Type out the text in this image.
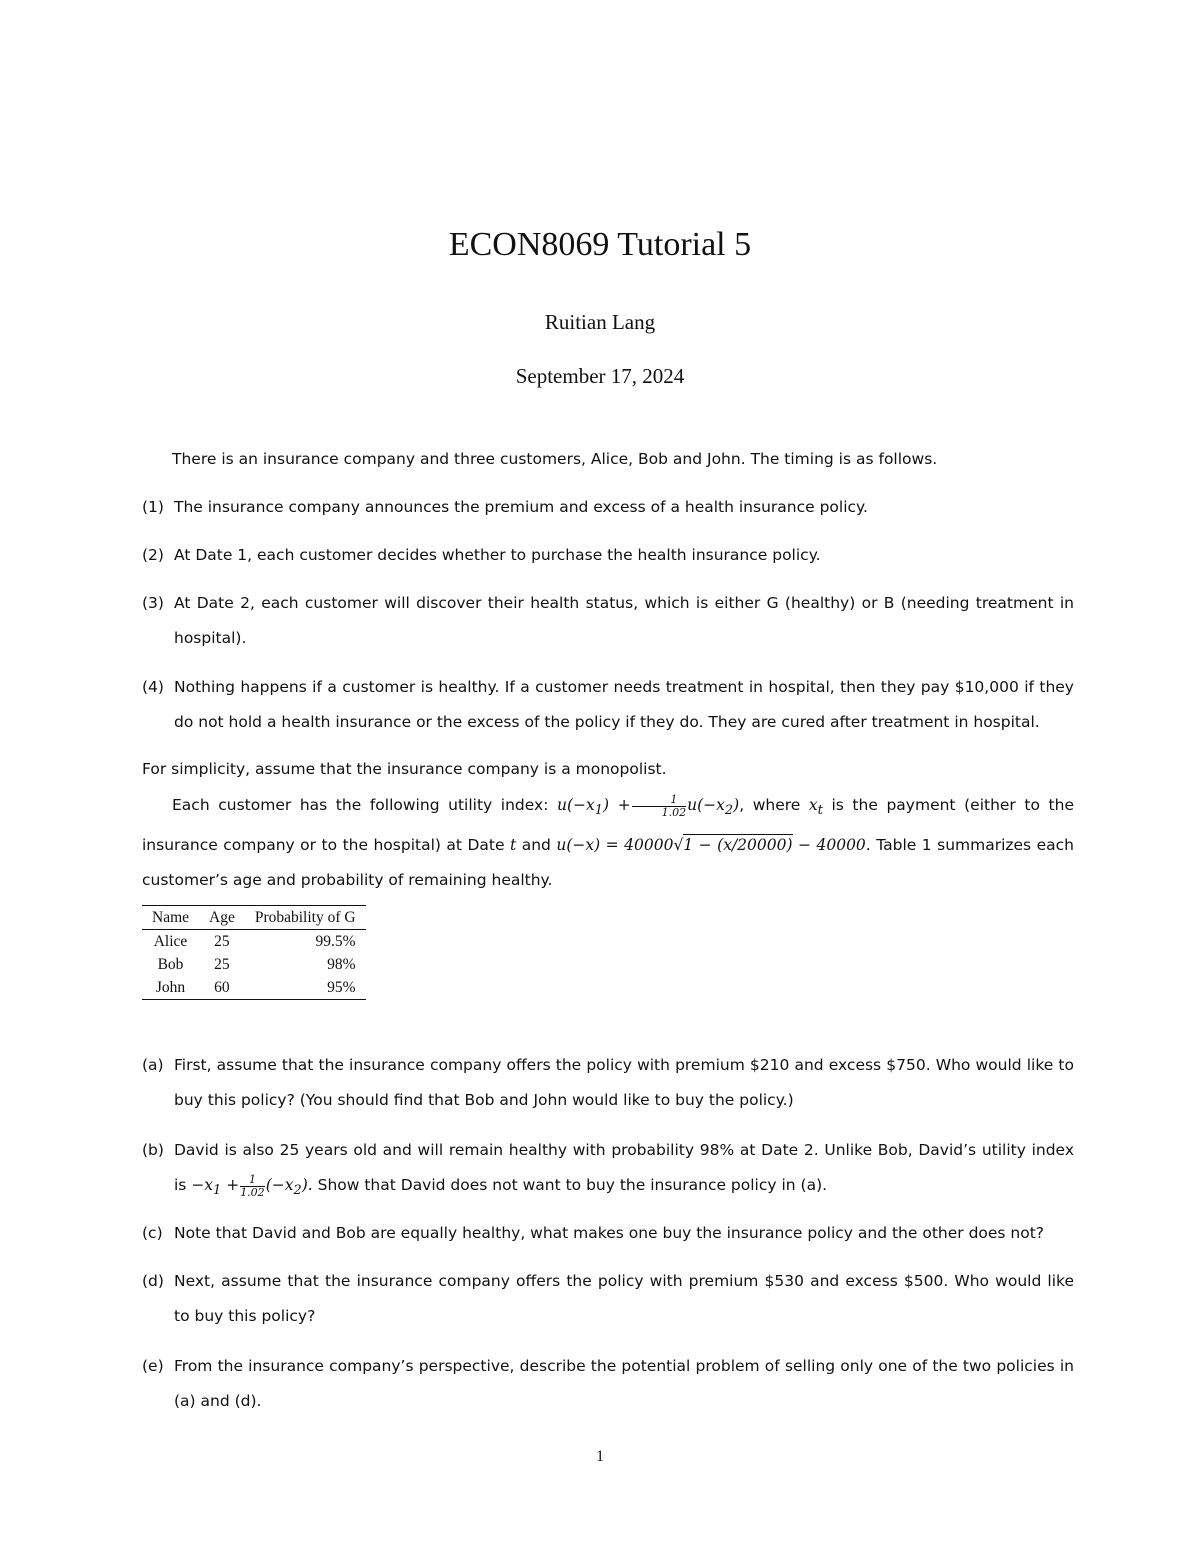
ECON8069 Tutorial 5
Ruitian Lang
September 17, 2024

There is an insurance company and three customers, Alice, Bob and John. The timing is as follows.

(1) The insurance company announces the premium and excess of a health insurance policy.
(2) At Date 1, each customer decides whether to purchase the health insurance policy.
(3) At Date 2, each customer will discover their health status, which is either G (healthy) or B (needing treatment in hospital).
(4) Nothing happens if a customer is healthy. If a customer needs treatment in hospital, then they pay $10,000 if they do not hold a health insurance or the excess of the policy if they do. They are cured after treatment in hospital.

For simplicity, assume that the insurance company is a monopolist.

Each customer has the following utility index: $u(-x_1) + \frac{1}{1.02} u(-x_2)$, where $x_t$ is the payment (either to the insurance company or to the hospital) at Date t and u(−x) = 40000√1 − (x/20000) − 40000. Table 1 summarizes each customer’s age and probability of remaining healthy.

Name	Age	Probability of G
Alice	25	99.5%
Bob	25	98%
John	60	95%
(a) First, assume that the insurance company offers the policy with premium $210 and excess $750. Who would like to buy this policy? (You should find that Bob and John would like to buy the policy.)
(b) David is also 25 years old and will remain healthy with probability 98% at Date 2. Unlike Bob, David’s utility index is $-x_1 + \frac{1}{1.02} (-x_2)$. Show that David does not want to buy the insurance policy in (a).
(c) Note that David and Bob are equally healthy, what makes one buy the insurance policy and the other does not?
(d) Next, assume that the insurance company offers the policy with premium $530 and excess $500. Who would like to buy this policy?
(e) From the insurance company’s perspective, describe the potential problem of selling only one of the two policies in (a) and (d).
1
